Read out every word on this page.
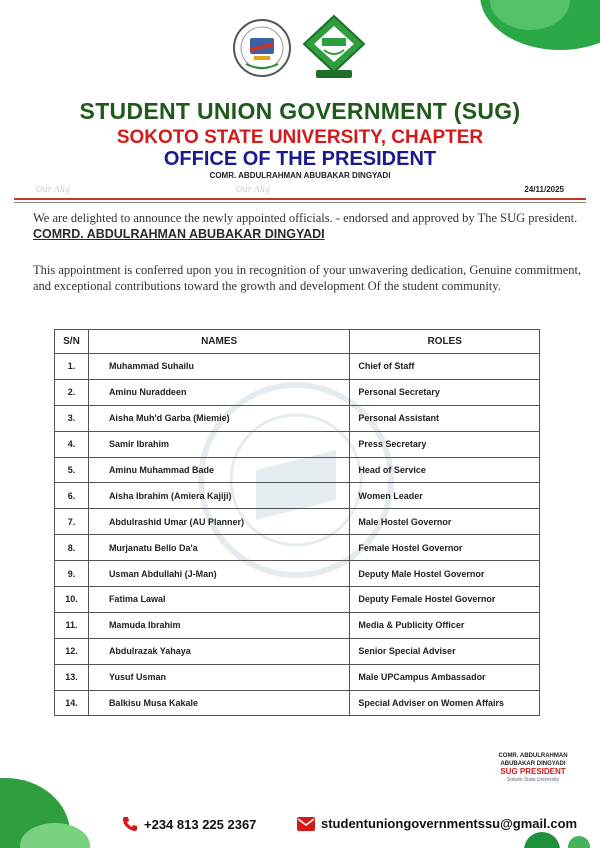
STUDENT UNION GOVERNMENT (SUG)
SOKOTO STATE UNIVERSITY, CHAPTER
OFFICE OF THE PRESIDENT
COMR. ABDULRAHMAN ABUBAKAR DINGYADI
Our Alig	Our Alig	24/11/2025
We are delighted to announce the newly appointed officials. - endorsed and approved by The SUG president. COMRD. ABDULRAHMAN ABUBAKAR DINGYADI
This appointment is conferred upon you in recognition of your unwavering dedication, Genuine commitment, and exceptional contributions toward the growth and development Of the student community.
S/N	NAMES	ROLES
1.	Muhammad Suhailu	Chief of Staff
2.	Aminu Nuraddeen	Personal Secretary
3.	Aisha Muh'd Garba (Miemie)	Personal Assistant
4.	Samir Ibrahim	Press Secretary
5.	Aminu Muhammad Bade	Head of Service
6.	Aisha Ibrahim (Amiera Kajiji)	Women Leader
7.	Abdulrashid Umar (AU Planner)	Male Hostel Governor
8.	Murjanatu Bello Da'a	Female Hostel Governor
9.	Usman Abdullahi (J-Man)	Deputy Male Hostel Governor
10.	Fatima Lawal	Deputy Female Hostel Governor
11.	Mamuda Ibrahim	Media & Publicity Officer
12.	Abdulrazak Yahaya	Senior Special Adviser
13.	Yusuf Usman	Male UPCampus Ambassador
14.	Balkisu Musa Kakale	Special Adviser on Women Affairs
COMR. ABDULRAHMAN
ABUBAKAR DINGYADI
SUG PRESIDENT
Sokoto State University
+234 813 225 2367	studentuniongovernmentssu@gmail.com
